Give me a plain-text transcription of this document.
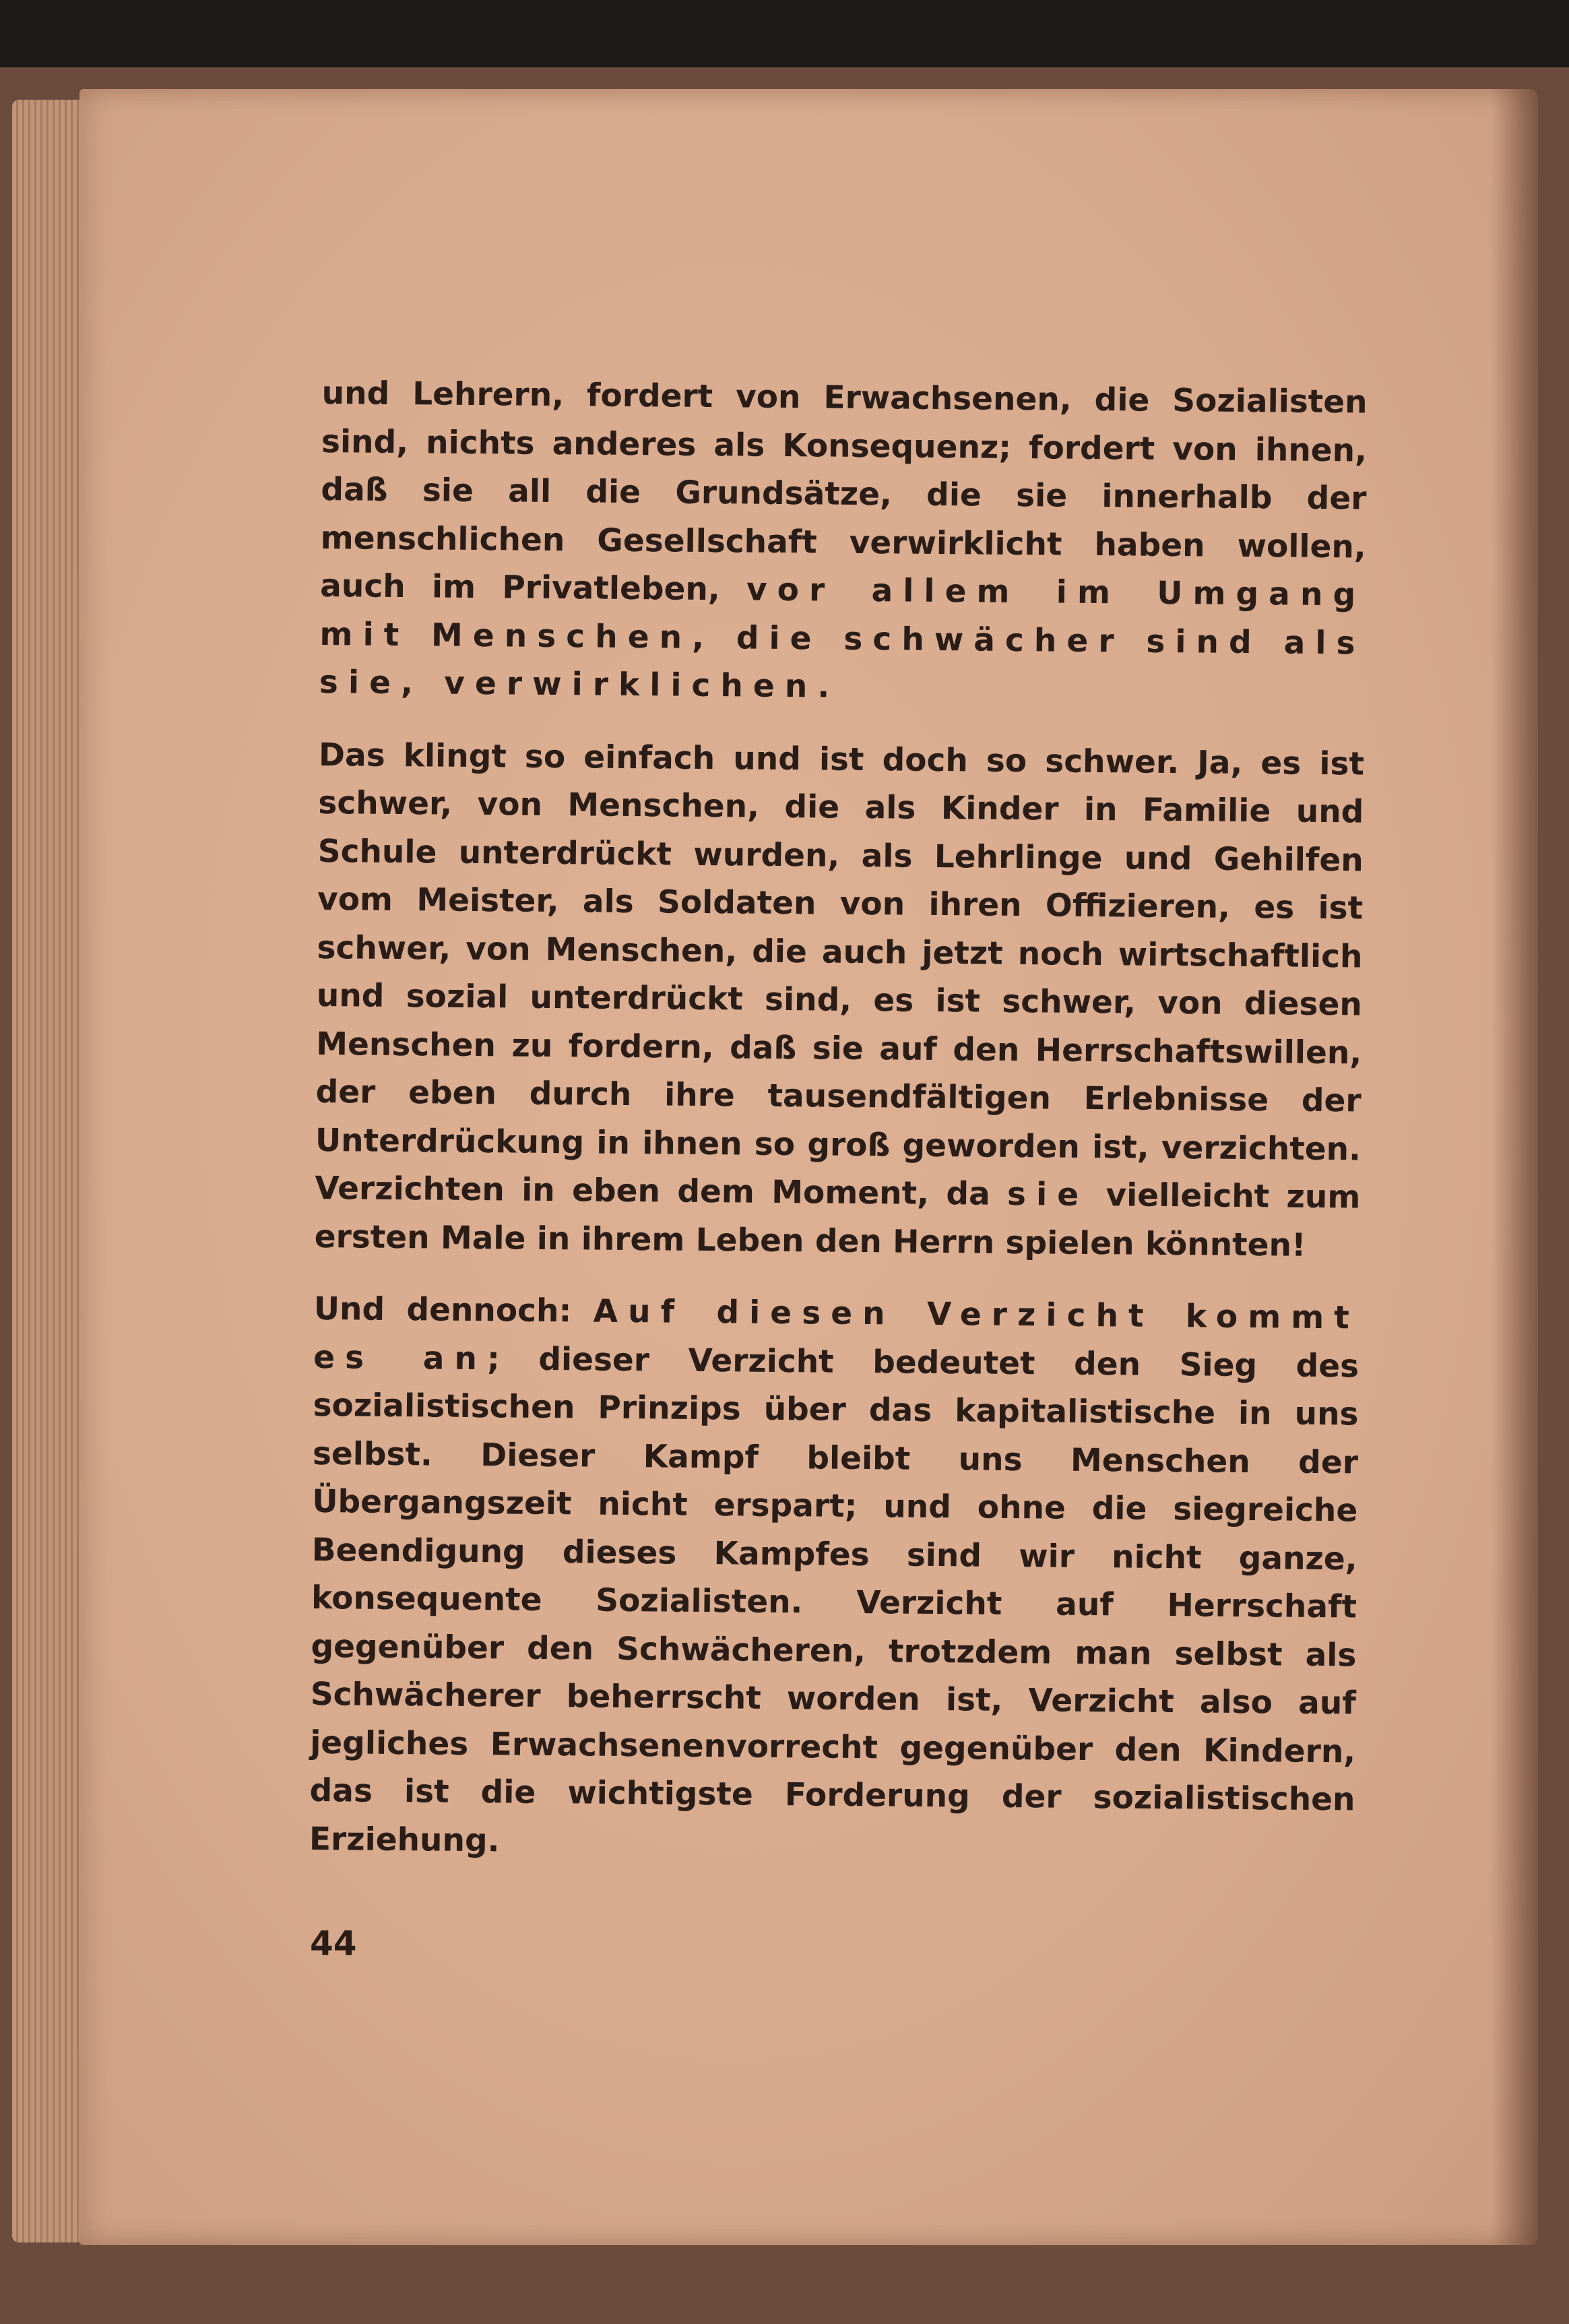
und Lehrern, fordert von Erwachsenen, die Sozialisten sind, nichts anderes als Konsequenz; fordert von ihnen, daß sie all die Grundsätze, die sie innerhalb der menschlichen Gesellschaft verwirklicht haben wollen, auch im Privatleben, vor allem im Umgang mit Menschen, die schwächer sind als sie, verwirklichen.

Das klingt so einfach und ist doch so schwer. Ja, es ist schwer, von Menschen, die als Kinder in Familie und Schule unterdrückt wurden, als Lehrlinge und Gehilfen vom Meister, als Soldaten von ihren Offizieren, es ist schwer, von Menschen, die auch jetzt noch wirtschaftlich und sozial unterdrückt sind, es ist schwer, von diesen Menschen zu fordern, daß sie auf den Herrschaftswillen, der eben durch ihre tausendfältigen Erlebnisse der Unterdrückung in ihnen so groß geworden ist, verzichten. Verzichten in eben dem Moment, da sie vielleicht zum ersten Male in ihrem Leben den Herrn spielen könnten!

Und dennoch: Auf diesen Verzicht kommt es an; dieser Verzicht bedeutet den Sieg des sozialistischen Prinzips über das kapitalistische in uns selbst. Dieser Kampf bleibt uns Menschen der Übergangszeit nicht erspart; und ohne die siegreiche Beendigung dieses Kampfes sind wir nicht ganze, konsequente Sozialisten. Verzicht auf Herrschaft gegenüber den Schwächeren, trotzdem man selbst als Schwächerer beherrscht worden ist, Verzicht also auf jegliches Erwachsenenvorrecht gegenüber den Kindern, das ist die wichtigste Forderung der sozialistischen Erziehung.

44
